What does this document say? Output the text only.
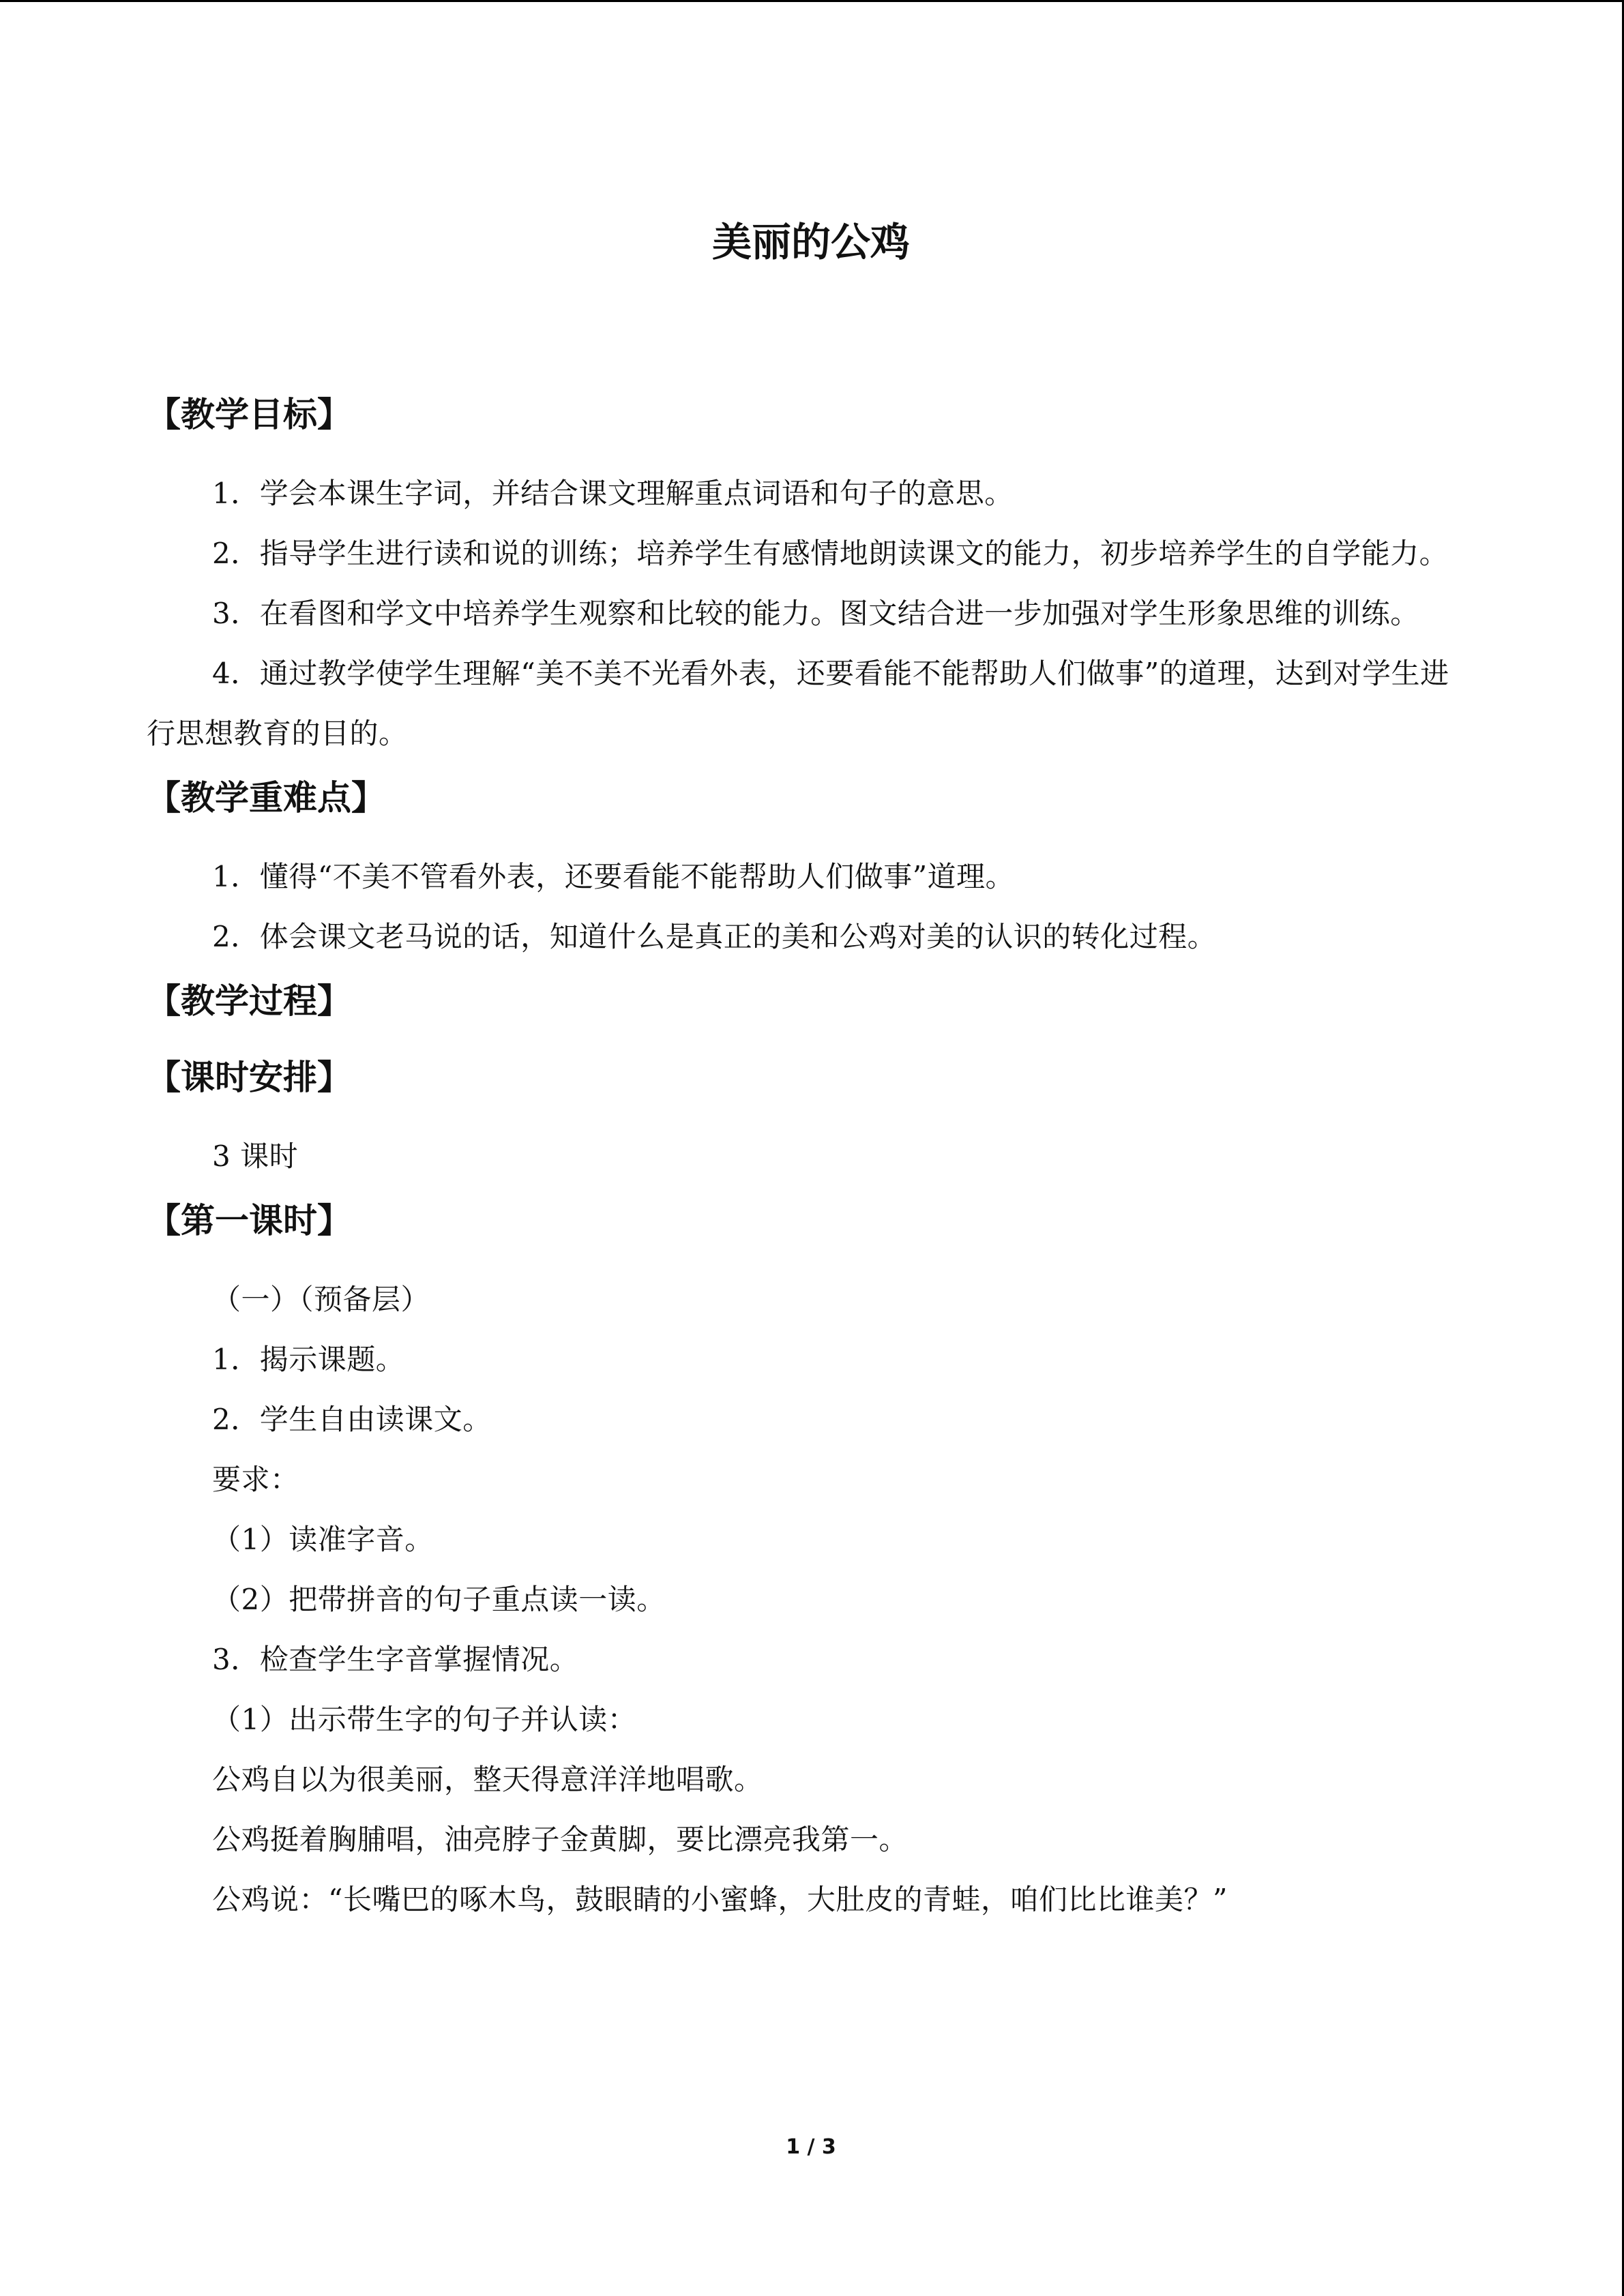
美丽的公鸡
【教学目标】

1．学会本课生字词，并结合课文理解重点词语和句子的意思。

2．指导学生进行读和说的训练；培养学生有感情地朗读课文的能力，初步培养学生的自学能力。

3．在看图和学文中培养学生观察和比较的能力。图文结合进一步加强对学生形象思维的训练。

4．通过教学使学生理解“美不美不光看外表，还要看能不能帮助人们做事”的道理，达到对学生进行思想教育的目的。

【教学重难点】

1．懂得“不美不管看外表，还要看能不能帮助人们做事”道理。

2．体会课文老马说的话，知道什么是真正的美和公鸡对美的认识的转化过程。

【教学过程】
【课时安排】

3 课时

【第一课时】

（一）（预备层）

1．揭示课题。

2．学生自由读课文。

要求：

（1）读准字音。

（2）把带拼音的句子重点读一读。

3．检查学生字音掌握情况。

（1）出示带生字的句子并认读：

公鸡自以为很美丽，整天得意洋洋地唱歌。

公鸡挺着胸脯唱，油亮脖子金黄脚，要比漂亮我第一。

公鸡说：“长嘴巴的啄木鸟，鼓眼睛的小蜜蜂，大肚皮的青蛙，咱们比比谁美？”

1 / 3
